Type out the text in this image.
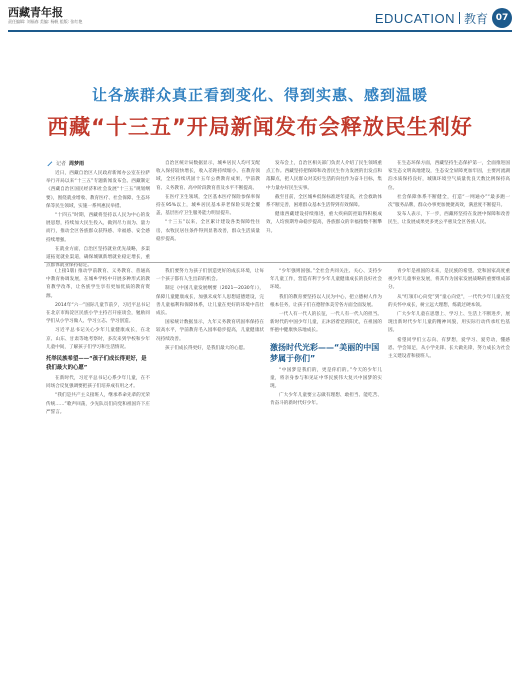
西藏青年报
责任编辑: 刘福春 美编: 杨帆 组版: 张红艳	EDUCATION 教育 07
让各族群众真正看到变化、得到实惠、感到温暖
西藏“十三五”开局新闻发布会释放民生利好
记者 周梦雨

近日，西藏自治区人民政府新闻办公室在拉萨举行开局以来“十三五”专题新闻发布会。西藏制定《西藏自治区国民经济和社会发展“十三五”规划纲要》，围绕就业增收、教育医疗、社会保障、生态环保等民生领域，实施一系列惠民举措。

“十四五”时期，西藏将坚持以人民为中心的发展思想，持续加大民生投入，做到尽力而为、量力而行，推动全区各族群众获得感、幸福感、安全感持续增强。

在就业方面，自治区坚持就业优先战略，多渠道拓宽就业渠道，确保城镇新增就业稳定增长，重点群体就业保持稳定。

自治区统计局数据显示，城乡居民人均可支配收入保持较快增长，收入差距持续缩小。在教育领域，全区持续巩固十五年公费教育成果，学前教育、义务教育、高中阶段教育普及水平不断提高。

在医疗卫生领域，全区基本医疗保险参保率保持在95%以上，城乡居民基本养老保险实现全覆盖，基层医疗卫生服务能力明显提升。

“十三五”以来，全区累计建设各类保障性住房，农牧民居住条件得到显著改善，群众生活质量稳步提高。

发布会上，自治区相关部门负责人介绍了民生领域重点工作。西藏坚持把保障和改善民生作为发展的出发点和落脚点，把人民群众对美好生活的向往作为奋斗目标，集中力量办好民生实事。

截至目前，全区城乡低保标准逐年提高，社会救助体系不断完善，困难群众基本生活得到有效保障。

健康西藏建设持续推进，重大疾病防控取得积极成效，人均预期寿命稳步提高，各族群众的幸福指数不断攀升。

在生态环保方面，西藏坚持生态保护第一，全面推进国家生态文明高地建设，生态安全屏障更加牢固，主要河流湖泊水质保持良好，城镇环境空气质量优良天数比例保持高位。

社会保障体系不断健全，打造“一网通办”“最多跑一次”服务品牌，群众办事更加便捷高效，满意度不断提升。

发布人表示，下一步，西藏将坚持在发展中保障和改善民生，让发展成果更多更公平惠及全区各族人民。

(上接1版) 推动学前教育、义务教育、普通高中教育协调发展，在城乡学校中开展多种形式的教育教学改革，让各族学生享有更加优质的教育资源。

2014年“六一”国际儿童节前夕，习近平总书记在北京市海淀区民族小学主持召开座谈会，勉励同学们从小学习做人、学习立志、学习创造。

习近平总书记关心少年儿童健康成长，在北京、山东、甘肃等地考察时，多次来到学校和少年儿童中间，了解孩子们学习和生活情况。

托举民族希望——“孩子们成长得更好，是我们最大的心愿”

在新时代，习近平总书记心系少年儿童，在不同场合反复强调要把孩子们培养成有用之才。

“我们是共产主义接班人，继承革命先辈的光荣传统……”歌声回荡，少先队员们向党和祖国许下庄严誓言。

我们要努力为孩子们创造更好的成长环境，让每一个孩子都有人生出彩的机会。

制定《中国儿童发展纲要（2021—2030年）》，保障儿童健康成长，加强未成年人思想道德建设，完善儿童福利和保障体系，让儿童在更好的环境中茁壮成长。

国家统计数据显示，九年义务教育巩固率保持在较高水平，学前教育毛入园率稳步提高，儿童健康状况持续改善。

孩子们成长得更好，是我们最大的心愿。

“少年强则国强。”全社会共同关注、关心、支持少年儿童工作，营造有利于少年儿童健康成长的良好社会环境。

我们的教育要坚持以人民为中心，把立德树人作为根本任务，让孩子们在德智体美劳各方面全面发展。

一代人有一代人的长征，一代人有一代人的担当。新时代的中国少年儿童，正沐浴着党的阳光，在祖国的怀抱中健康快乐地成长。

激扬时代光彩——“美丽的中国梦属于你们”

“中国梦是我们的，更是你们的。”今天的少年儿童，将亲身参与和见证中华民族伟大复兴中国梦的实现。

广大少年儿童要立志做有理想、敢担当、能吃苦、肯奋斗的新时代好少年。

青少年是祖国的未来，是民族的希望。党和国家高度重视少年儿童事业发展，将其作为国家发展战略的重要组成部分。

从“红领巾心向党”到“童心向党”，一代代少年儿童在党的关怀中成长，树立远大理想，练就过硬本领。

广大少年儿童在思想上、学习上、生活上不断进步，展现出新时代少年儿童的精神风貌，用实际行动传承红色基因。

希望同学们立志向、有梦想，爱学习、爱劳动，懂感恩、学会知足，从小学先锋、长大做先锋，努力成长为社会主义建设者和接班人。
